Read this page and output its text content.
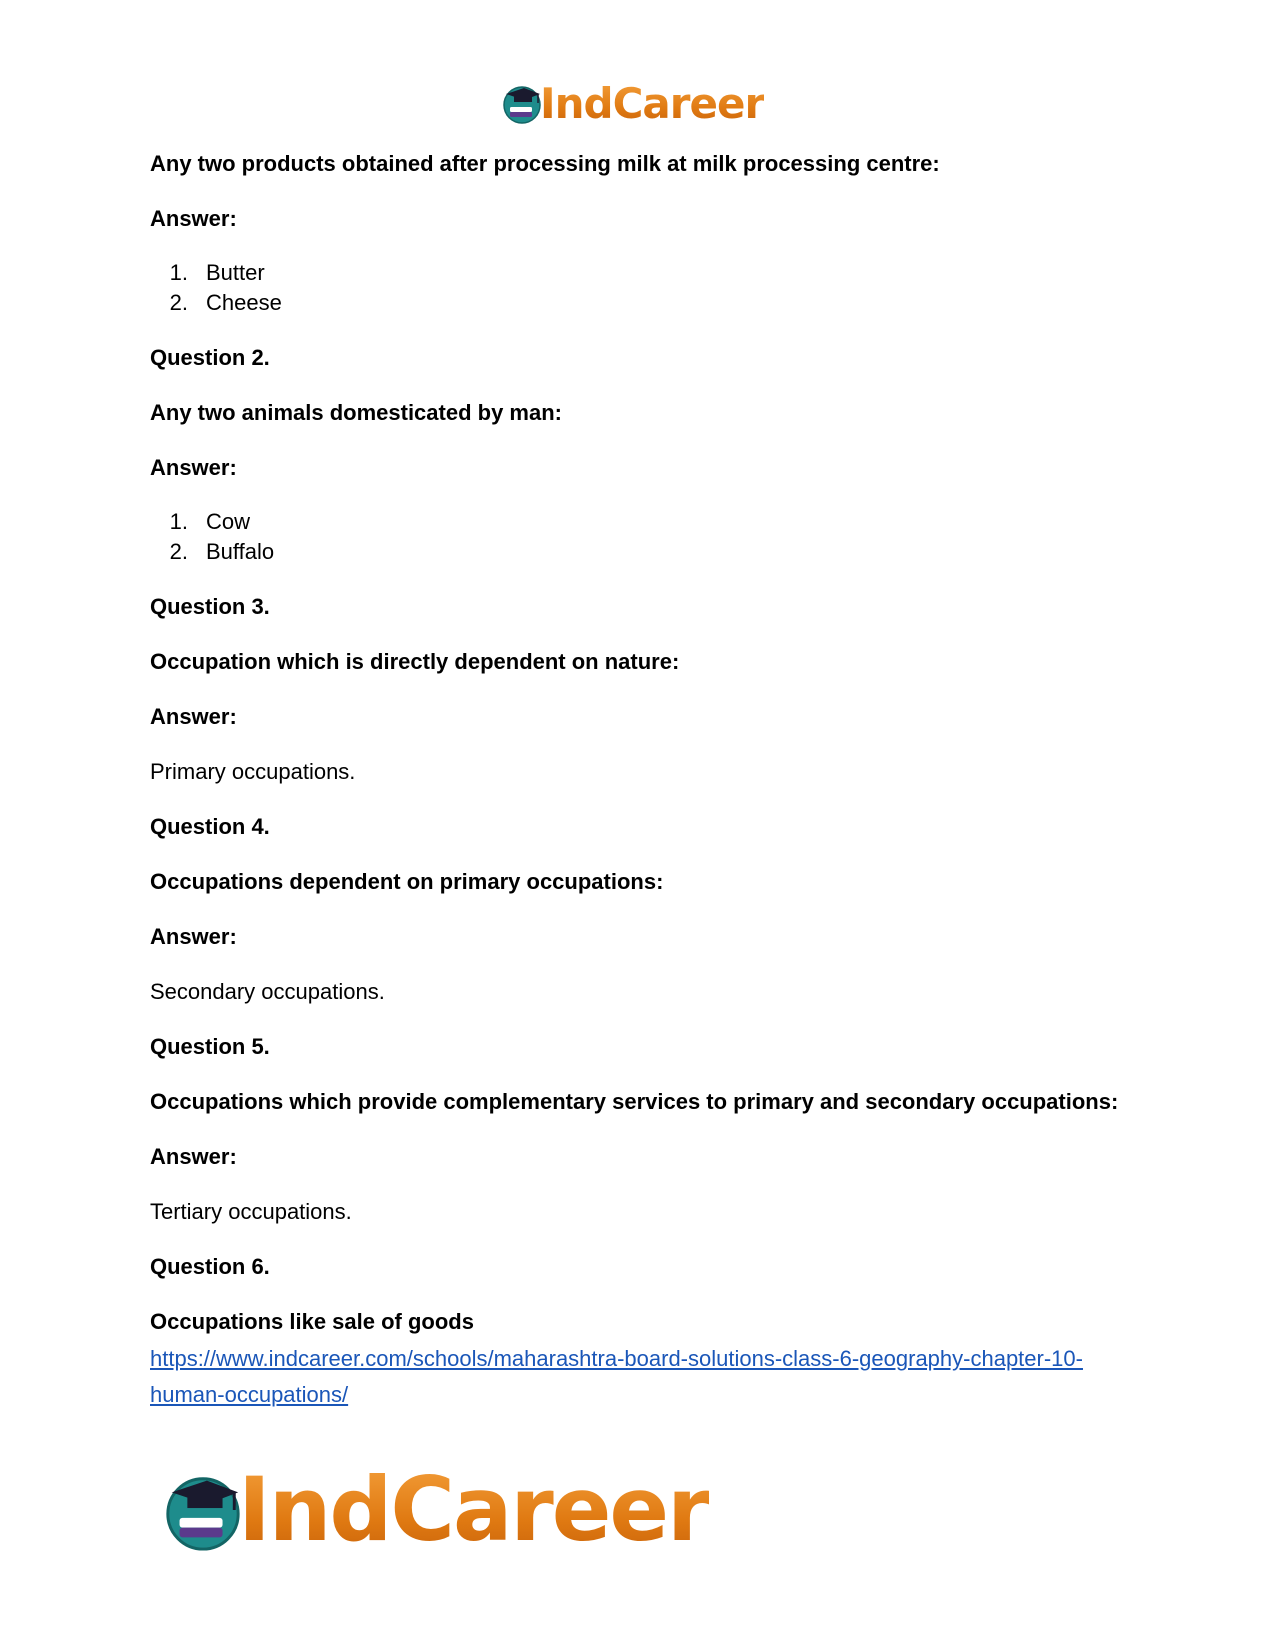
IndCareer

Any two products obtained after processing milk at milk processing centre:

Answer:

1. Butter
2. Cheese

Question 2.

Any two animals domesticated by man:

Answer:

1. Cow
2. Buffalo

Question 3.

Occupation which is directly dependent on nature:

Answer:

Primary occupations.

Question 4.

Occupations dependent on primary occupations:

Answer:

Secondary occupations.

Question 5.

Occupations which provide complementary services to primary and secondary occupations:

Answer:

Tertiary occupations.

Question 6.

Occupations like sale of goods

https://www.indcareer.com/schools/maharashtra-board-solutions-class-6-geography-chapter-10-human-occupations/
IndCareer
